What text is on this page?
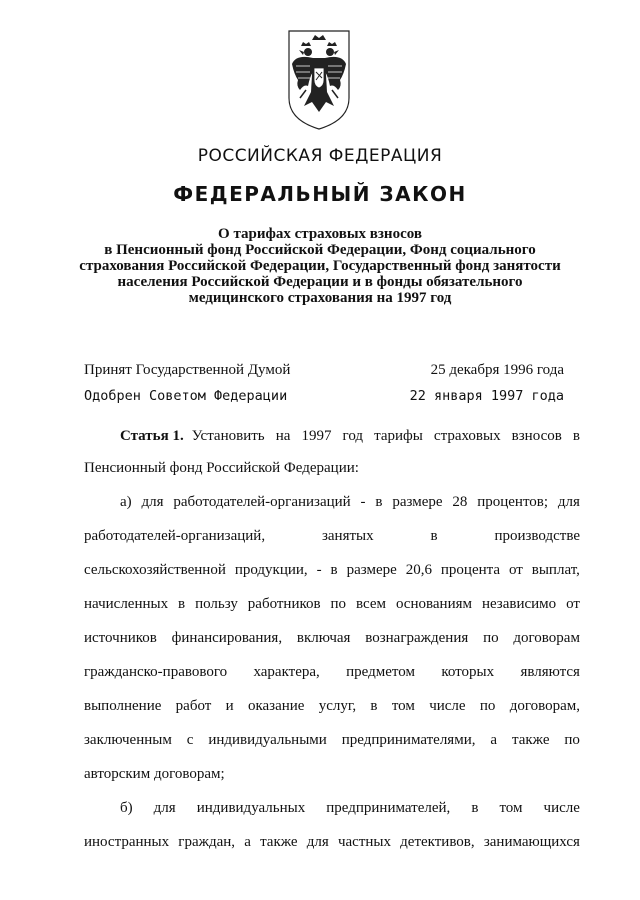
РОССИЙСКАЯ ФЕДЕРАЦИЯ
ФЕДЕРАЛЬНЫЙ ЗАКОН
О тарифах страховых взносов
в Пенсионный фонд Российской Федерации, Фонд социального
страхования Российской Федерации, Государственный фонд занятости
населения Российской Федерации и в фонды обязательного
медицинского страхования на 1997 год
Принят Государственной Думой	25 декабря 1996 года
Одобрен Советом Федерации	22 января 1997 года
Статья 1. Установить на 1997 год тарифы страховых взносов в
Пенсионный фонд Российской Федерации:
а) для работодателей-организаций - в размере 28 процентов; для
работодателей-организаций,	занятых	в	производстве
сельскохозяйственной продукции, - в размере 20,6 процента от выплат,
начисленных в пользу работников по всем основаниям независимо от
источников финансирования, включая вознаграждения по договорам
гражданско-правового характера, предметом которых являются
выполнение работ и оказание услуг, в том числе по договорам,
заключенным с индивидуальными предпринимателями, а также по
авторским договорам;
б) для индивидуальных предпринимателей, в том числе
иностранных граждан, а также для частных детективов, занимающихся
